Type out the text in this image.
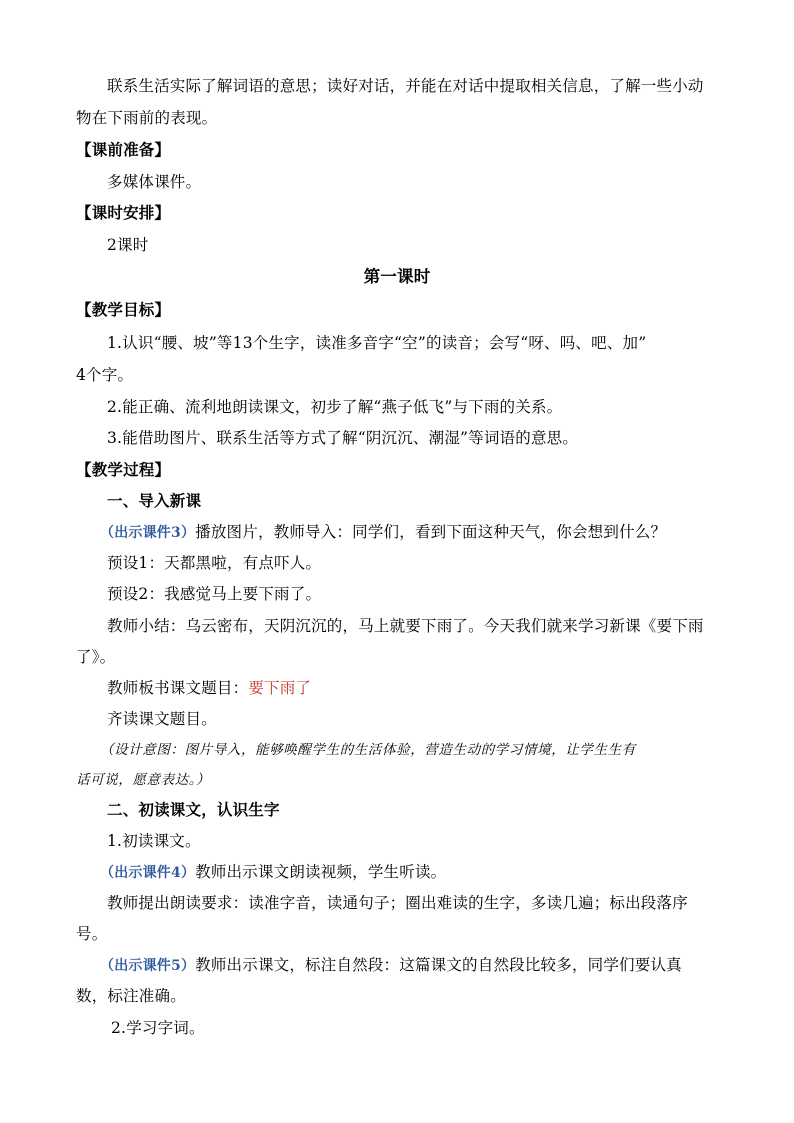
联系生活实际了解词语的意思；读好对话，并能在对话中提取相关信息，了解一些小动
物在下雨前的表现。
【课前准备】
多媒体课件。
【课时安排】
2课时
第一课时
【教学目标】
1.认识“腰、坡”等13个生字，读准多音字“空”的读音；会写“呀、吗、吧、加”
4个字。
2.能正确、流利地朗读课文，初步了解“燕子低飞”与下雨的关系。
3.能借助图片、联系生活等方式了解“阴沉沉、潮湿”等词语的意思。
【教学过程】
一、导入新课
（出示课件3）播放图片，教师导入：同学们，看到下面这种天气，你会想到什么？
预设1：天都黑啦，有点吓人。
预设2：我感觉马上要下雨了。
教师小结：乌云密布，天阴沉沉的，马上就要下雨了。今天我们就来学习新课《要下雨
了》。
教师板书课文题目：要下雨了
齐读课文题目。
（设计意图：图片导入，能够唤醒学生的生活体验，营造生动的学习情境，让学生生有
话可说，愿意表达。）
二、初读课文，认识生字
1.初读课文。
（出示课件4）教师出示课文朗读视频，学生听读。
教师提出朗读要求：读准字音，读通句子；圈出难读的生字，多读几遍；标出段落序
号。
（出示课件5）教师出示课文，标注自然段：这篇课文的自然段比较多，同学们要认真
数，标注准确。
2.学习字词。
